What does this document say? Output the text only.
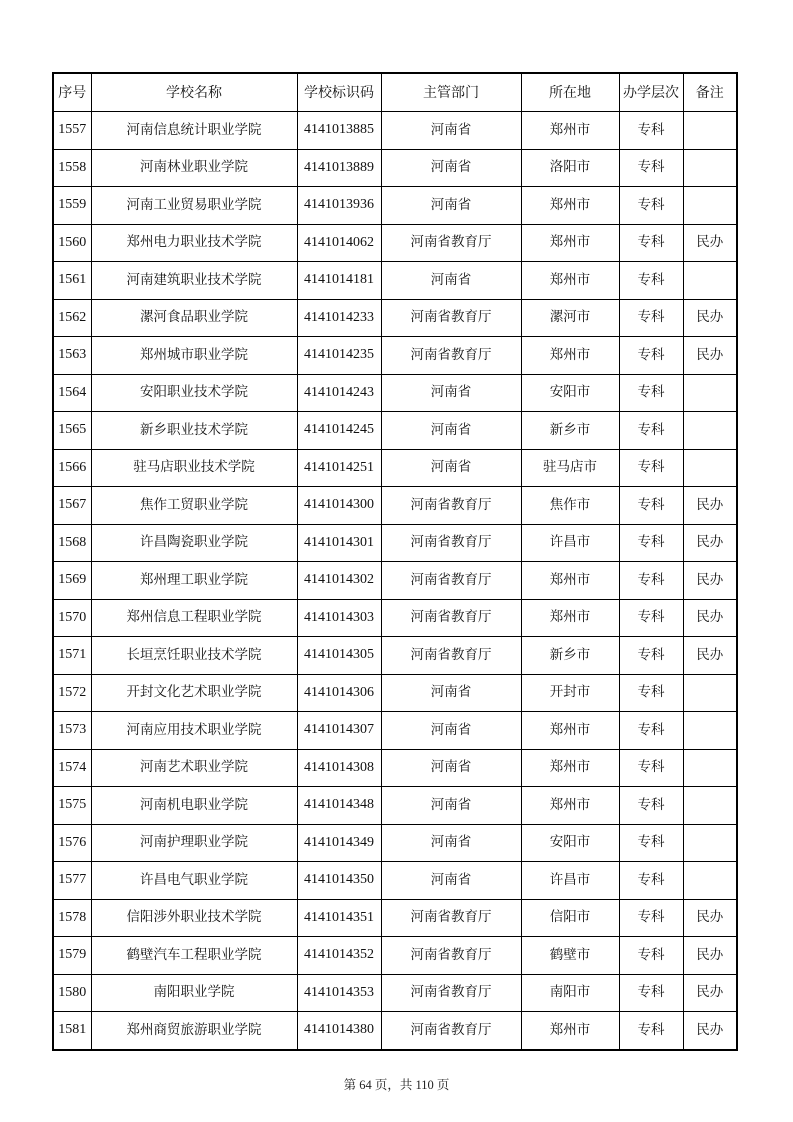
序号	学校名称	学校标识码	主管部门	所在地	办学层次	备注
1557	河南信息统计职业学院	4141013885	河南省	郑州市	专科	
1558	河南林业职业学院	4141013889	河南省	洛阳市	专科	
1559	河南工业贸易职业学院	4141013936	河南省	郑州市	专科	
1560	郑州电力职业技术学院	4141014062	河南省教育厅	郑州市	专科	民办
1561	河南建筑职业技术学院	4141014181	河南省	郑州市	专科	
1562	漯河食品职业学院	4141014233	河南省教育厅	漯河市	专科	民办
1563	郑州城市职业学院	4141014235	河南省教育厅	郑州市	专科	民办
1564	安阳职业技术学院	4141014243	河南省	安阳市	专科	
1565	新乡职业技术学院	4141014245	河南省	新乡市	专科	
1566	驻马店职业技术学院	4141014251	河南省	驻马店市	专科	
1567	焦作工贸职业学院	4141014300	河南省教育厅	焦作市	专科	民办
1568	许昌陶瓷职业学院	4141014301	河南省教育厅	许昌市	专科	民办
1569	郑州理工职业学院	4141014302	河南省教育厅	郑州市	专科	民办
1570	郑州信息工程职业学院	4141014303	河南省教育厅	郑州市	专科	民办
1571	长垣烹饪职业技术学院	4141014305	河南省教育厅	新乡市	专科	民办
1572	开封文化艺术职业学院	4141014306	河南省	开封市	专科	
1573	河南应用技术职业学院	4141014307	河南省	郑州市	专科	
1574	河南艺术职业学院	4141014308	河南省	郑州市	专科	
1575	河南机电职业学院	4141014348	河南省	郑州市	专科	
1576	河南护理职业学院	4141014349	河南省	安阳市	专科	
1577	许昌电气职业学院	4141014350	河南省	许昌市	专科	
1578	信阳涉外职业技术学院	4141014351	河南省教育厅	信阳市	专科	民办
1579	鹤壁汽车工程职业学院	4141014352	河南省教育厅	鹤壁市	专科	民办
1580	南阳职业学院	4141014353	河南省教育厅	南阳市	专科	民办
1581	郑州商贸旅游职业学院	4141014380	河南省教育厅	郑州市	专科	民办
第 64 页，共 110 页
